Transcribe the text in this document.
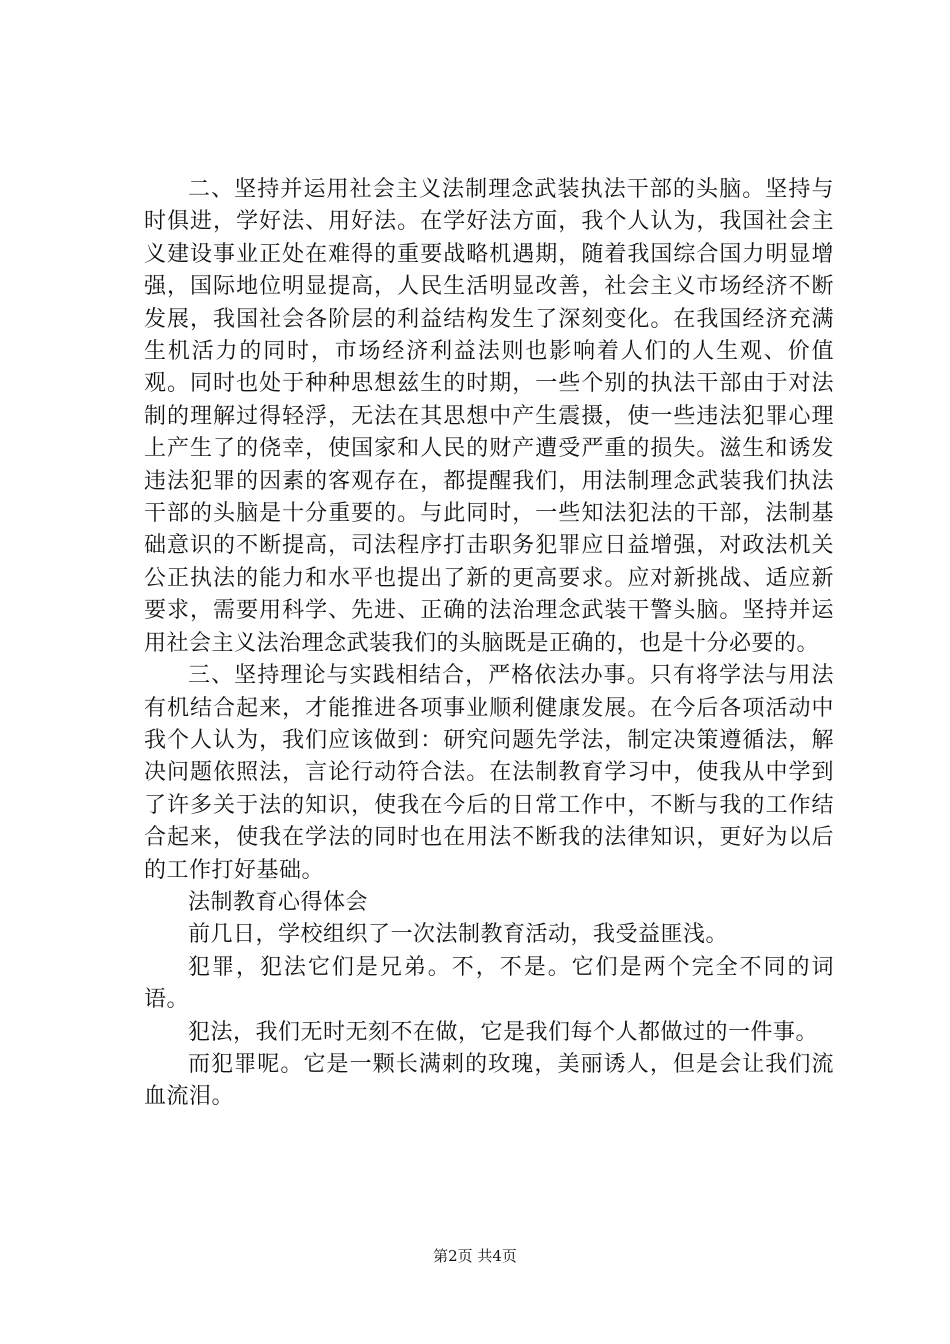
二、坚持并运用社会主义法制理念武装执法干部的头脑。坚持与时俱进，学好法、用好法。在学好法方面，我个人认为，我国社会主义建设事业正处在难得的重要战略机遇期，随着我国综合国力明显增强，国际地位明显提高，人民生活明显改善，社会主义市场经济不断发展，我国社会各阶层的利益结构发生了深刻变化。在我国经济充满生机活力的同时，市场经济利益法则也影响着人们的人生观、价值观。同时也处于种种思想兹生的时期，一些个别的执法干部由于对法制的理解过得轻浮，无法在其思想中产生震摄，使一些违法犯罪心理上产生了的侥幸，使国家和人民的财产遭受严重的损失。滋生和诱发违法犯罪的因素的客观存在，都提醒我们，用法制理念武装我们执法干部的头脑是十分重要的。与此同时，一些知法犯法的干部，法制基础意识的不断提高，司法程序打击职务犯罪应日益增强，对政法机关公正执法的能力和水平也提出了新的更高要求。应对新挑战、适应新要求，需要用科学、先进、正确的法治理念武装干警头脑。坚持并运用社会主义法治理念武装我们的头脑既是正确的，也是十分必要的。

三、坚持理论与实践相结合，严格依法办事。只有将学法与用法有机结合起来，才能推进各项事业顺利健康发展。在今后各项活动中我个人认为，我们应该做到：研究问题先学法，制定决策遵循法，解决问题依照法，言论行动符合法。在法制教育学习中，使我从中学到了许多关于法的知识，使我在今后的日常工作中，不断与我的工作结合起来，使我在学法的同时也在用法不断我的法律知识，更好为以后的工作打好基础。

法制教育心得体会

前几日，学校组织了一次法制教育活动，我受益匪浅。

犯罪，犯法它们是兄弟。不，不是。它们是两个完全不同的词语。

犯法，我们无时无刻不在做，它是我们每个人都做过的一件事。

而犯罪呢。它是一颗长满刺的玫瑰，美丽诱人，但是会让我们流血流泪。

第2页 共4页
